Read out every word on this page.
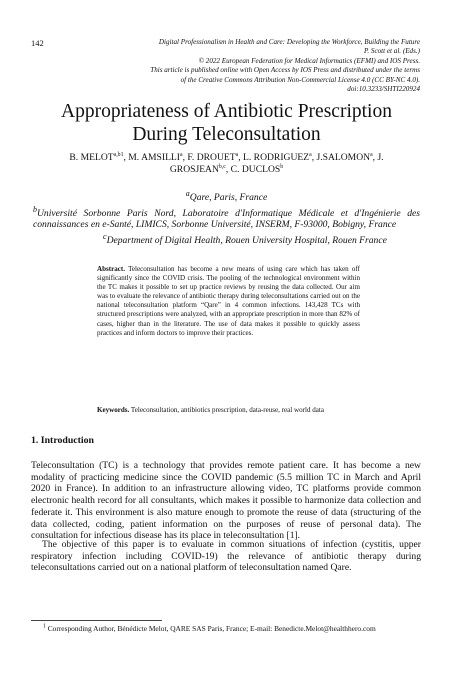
142	Digital Professionalism in Health and Care: Developing the Workforce, Building the Future
P. Scott et al. (Eds.)
© 2022 European Federation for Medical Informatics (EFMI) and IOS Press.
This article is published online with Open Access by IOS Press and distributed under the terms
of the Creative Commons Attribution Non-Commercial License 4.0 (CC BY-NC 4.0).
doi:10.3233/SHTI220924
Appropriateness of Antibiotic Prescription
During Teleconsultation
B. $MELOT^{a,b1}$, M. AMSILLI$^a$, F. DROUET$^a$, L. RODRIGUEZ$^a$, J.SALOMON$^a$, J.
GROSJEAN$^{b,c}$, C. DUCLOS$^b$
$^a$Qare, Paris, France
$^b$Université Sorbonne Paris Nord, Laboratoire d'Informatique Médicale et d'Ingénierie des connaissances en e-Santé, LIMICS, Sorbonne Université, INSERM, F-93000, Bobigny, France
$^c$Department of Digital Health, Rouen University Hospital, Rouen France
Abstract. Teleconsultation has become a new means of using care which has taken off significantly since the COVID crisis. The pooling of the technological environment within the TC makes it possible to set up practice reviews by reusing the data collected. Our aim was to evaluate the relevance of antibiotic therapy during teleconsultations carried out on the national teleconsultation platform “Qare” in 4 common infections. 143,428 TCs with structured prescriptions were analyzed, with an appropriate prescription in more than 82% of cases, higher than in the literature. The use of data makes it possible to quickly assess practices and inform doctors to improve their practices.
Keywords. Teleconsultation, antibiotics prescription, data-reuse, real world data
1. Introduction

Teleconsultation (TC) is a technology that provides remote patient care. It has become a new modality of practicing medicine since the COVID pandemic (5.5 million TC in March and April 2020 in France). In addition to an infrastructure allowing video, TC platforms provide common electronic health record for all consultants, which makes it possible to harmonize data collection and federate it. This environment is also mature enough to promote the reuse of data (structuring of the data collected, coding, patient information on the purposes of reuse of personal data). The consultation for infectious disease has its place in teleconsultation [1].

The objective of this paper is to evaluate in common situations of infection (cystitis, upper respiratory infection including COVID-19) the relevance of antibiotic therapy during teleconsultations carried out on a national platform of teleconsultation named Qare.

$^1$ Corresponding Author, Bénédicte Melot, QARE SAS Paris, France; E-mail: Benedicte.Melot@healthhero.com
